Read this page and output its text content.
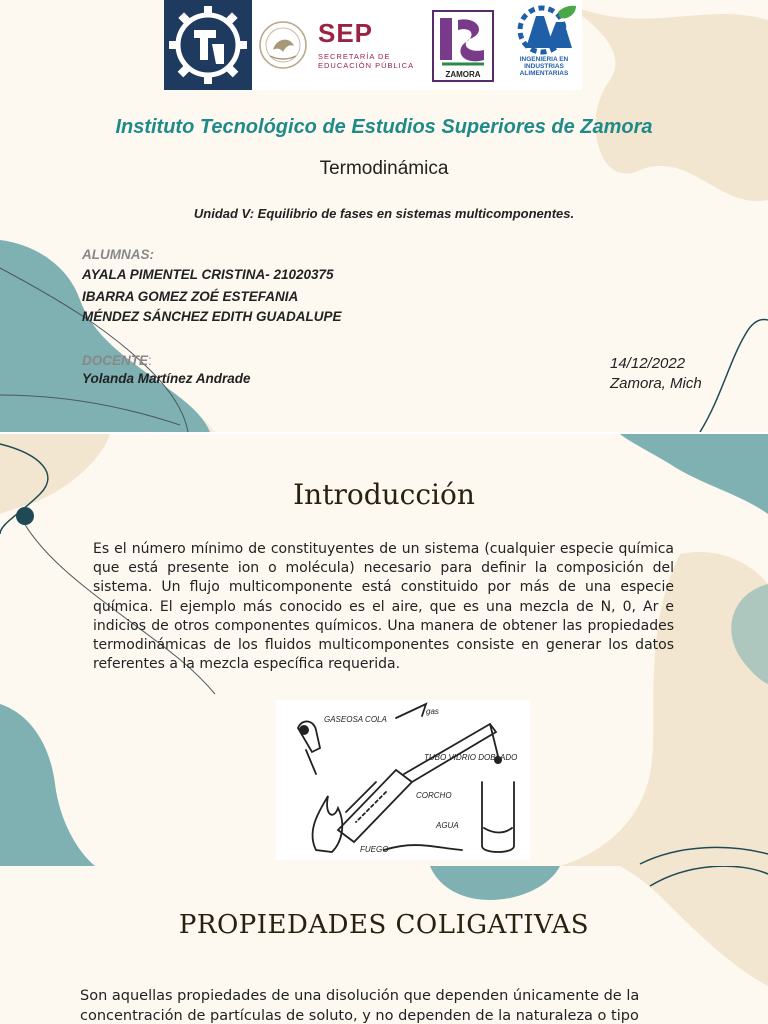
SEP
SECRETARÍA DE EDUCACIÓN PÚBLICA
ZAMORA
INGENIERIA EN INDUSTRIAS ALIMENTARIAS
Instituto Tecnológico de Estudios Superiores de Zamora
Termodinámica
Unidad V: Equilibrio de fases en sistemas multicomponentes.
ALUMNAS:
AYALA PIMENTEL CRISTINA- 21020375
IBARRA GOMEZ ZOÉ ESTEFANIA
MÉNDEZ SÁNCHEZ EDITH GUADALUPE
DOCENTE:
Yolanda Martínez Andrade
14/12/2022
Zamora, Mich
Introducción
Es el número mínimo de constituyentes de un sistema (cualquier especie química que está presente ion o molécula) necesario para definir la composición del sistema. Un flujo multicomponente está constituido por más de una especie química. El ejemplo más conocido es el aire, que es una mezcla de N, 0, Ar e indicios de otros componentes químicos. Una manera de obtener las propiedades termodinámicas de los fluidos multicomponentes consiste en generar los datos referentes a la mezcla específica requerida.
GASEOSA COLA
TUBO VIDRIO DOBLADO
CORCHO
FUEGO
AGUA
gas
PROPIEDADES COLIGATIVAS
Son aquellas propiedades de una disolución que dependen únicamente de la concentración de partículas de soluto, y no dependen de la naturaleza o tipo
